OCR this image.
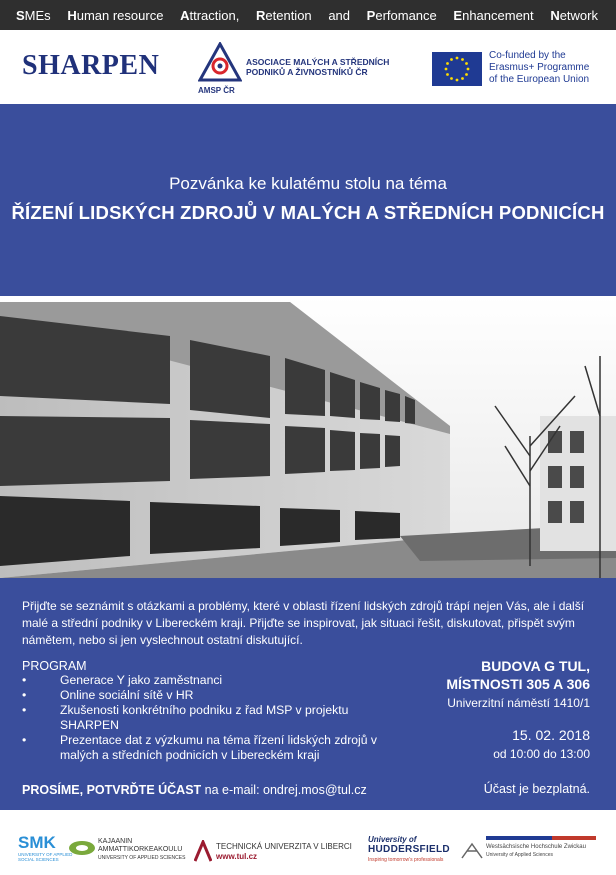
SMEs Human resource Attraction, Retention and Perfomance Enhancement Network
SHARPEN	ASOCIACE MALÝCH A STŘEDNÍCH
PODNIKŮ A ŽIVNOSTNÍKŮ ČR
AMSP ČR
Co-funded by the
Erasmus+ Programme
of the European Union
Pozvánka ke kulatému stolu na téma
ŘÍZENÍ LIDSKÝCH ZDROJŮ V MALÝCH A STŘEDNÍCH PODNICÍCH
Přijďte se seznámit s otázkami a problémy, které v oblasti řízení lidských zdrojů trápí nejen Vás, ale i další malé a střední podniky v Libereckém kraji. Přijďte se inspirovat, jak situaci řešit, diskutovat, přispět svým námětem, nebo si jen vyslechnout ostatní diskutující.
PROGRAM
• Generace Y jako zaměstnanci
• Online sociální sítě v HR
• Zkušenosti konkrétního podniku z řad MSP v projektu SHARPEN
• Prezentace dat z výzkumu na téma řízení lidských zdrojů v malých a středních podnicích v Libereckém kraji
PROSÍME, POTVRĎTE ÚČAST na e-mail: ondrej.mos@tul.cz
BUDOVA G TUL,
MÍSTNOSTI 305 A 306
Univerzitní náměstí 1410/1
15. 02. 2018
od 10:00 do 13:00
Účast je bezplatná.
SMK
UNIVERSITY OF APPLIED SOCIAL SCIENCES
KAJAANIN
AMMATTIKORKEAKOULU
UNIVERSITY OF APPLIED SCIENCES
TECHNICKÁ UNIVERZITA V LIBERCI
www.tul.cz
University of
HUDDERSFIELD
Inspiring tomorrow's professionals
Westsächsische Hochschule Zwickau
University of Applied Sciences
